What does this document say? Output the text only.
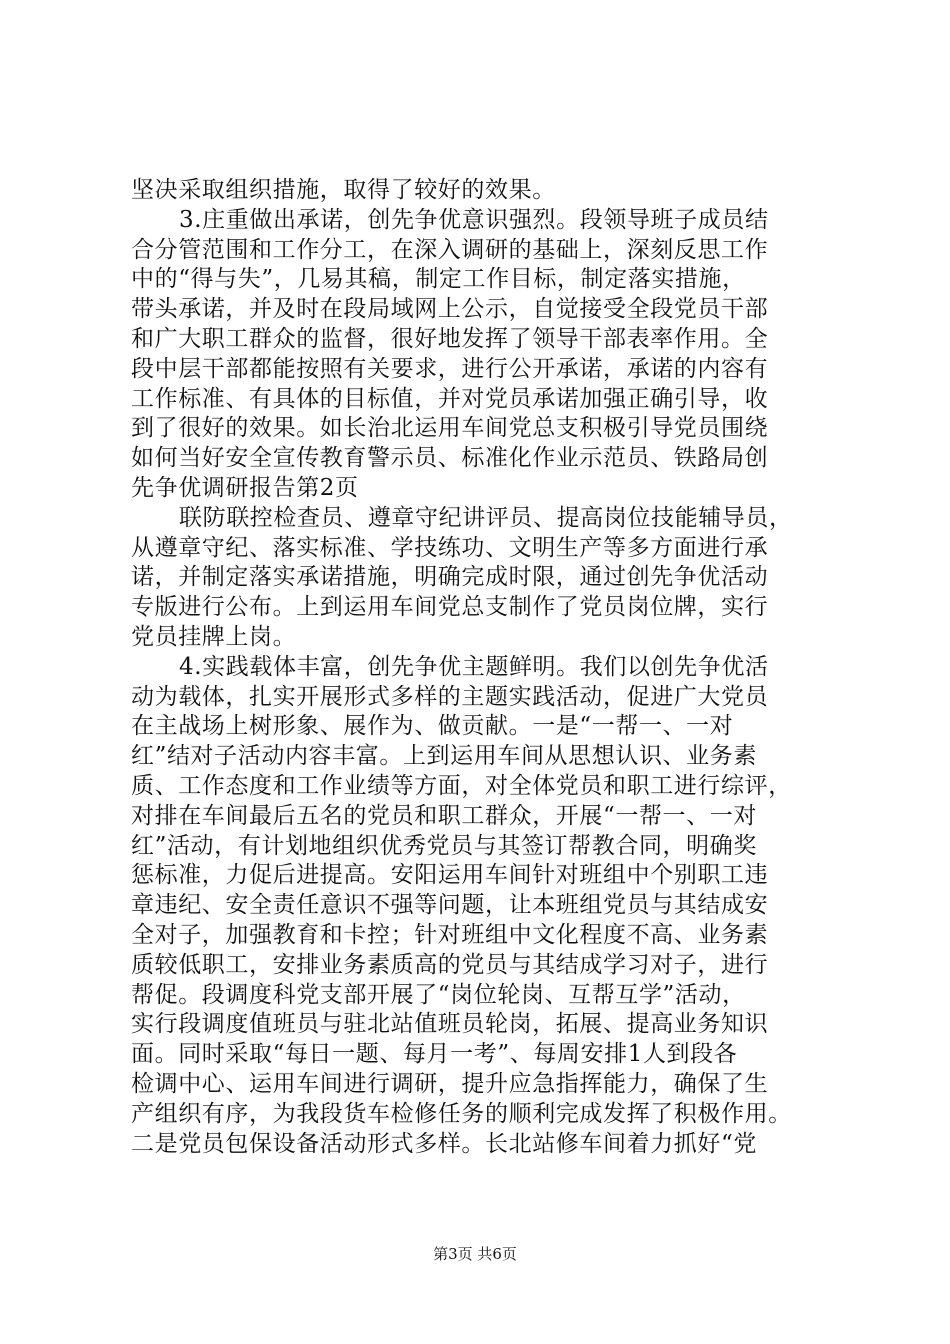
坚决采取组织措施，取得了较好的效果。
3.庄重做出承诺，创先争优意识强烈。段领导班子成员结
合分管范围和工作分工，在深入调研的基础上，深刻反思工作
中的“得与失”，几易其稿，制定工作目标，制定落实措施，
带头承诺，并及时在段局域网上公示，自觉接受全段党员干部
和广大职工群众的监督，很好地发挥了领导干部表率作用。全
段中层干部都能按照有关要求，进行公开承诺，承诺的内容有
工作标准、有具体的目标值，并对党员承诺加强正确引导，收
到了很好的效果。如长治北运用车间党总支积极引导党员围绕
如何当好安全宣传教育警示员、标准化作业示范员、铁路局创
先争优调研报告第2页
联防联控检查员、遵章守纪讲评员、提高岗位技能辅导员，
从遵章守纪、落实标准、学技练功、文明生产等多方面进行承
诺，并制定落实承诺措施，明确完成时限，通过创先争优活动
专版进行公布。上到运用车间党总支制作了党员岗位牌，实行
党员挂牌上岗。
4.实践载体丰富，创先争优主题鲜明。我们以创先争优活
动为载体，扎实开展形式多样的主题实践活动，促进广大党员
在主战场上树形象、展作为、做贡献。一是“一帮一、一对
红”结对子活动内容丰富。上到运用车间从思想认识、业务素
质、工作态度和工作业绩等方面，对全体党员和职工进行综评，
对排在车间最后五名的党员和职工群众，开展“一帮一、一对
红”活动，有计划地组织优秀党员与其签订帮教合同，明确奖
惩标准，力促后进提高。安阳运用车间针对班组中个别职工违
章违纪、安全责任意识不强等问题，让本班组党员与其结成安
全对子，加强教育和卡控；针对班组中文化程度不高、业务素
质较低职工，安排业务素质高的党员与其结成学习对子，进行
帮促。段调度科党支部开展了“岗位轮岗、互帮互学”活动，
实行段调度值班员与驻北站值班员轮岗，拓展、提高业务知识
面。同时采取“每日一题、每月一考”、每周安排1人到段各
检调中心、运用车间进行调研，提升应急指挥能力，确保了生
产组织有序，为我段货车检修任务的顺利完成发挥了积极作用。
二是党员包保设备活动形式多样。长北站修车间着力抓好“党
第3页 共6页
